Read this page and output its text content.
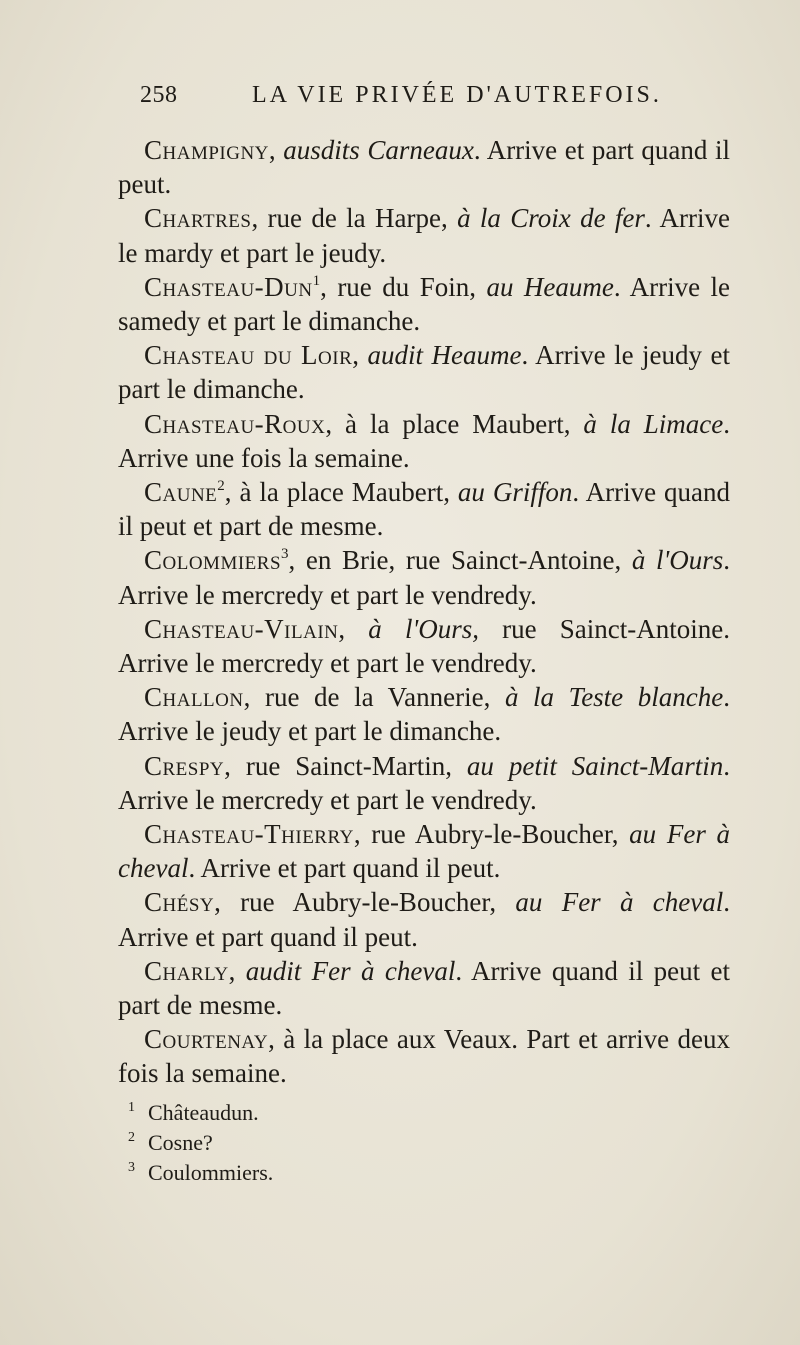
258	LA VIE PRIVÉE D'AUTREFOIS.

Champigny, ausdits Carneaux. Arrive et part quand il peut.

Chartres, rue de la Harpe, à la Croix de fer. Arrive le mardy et part le jeudy.

Chasteau-Dun$^1$, rue du Foin, au Heaume. Arrive le samedy et part le dimanche.

Chasteau du Loir, audit Heaume. Arrive le jeudy et part le dimanche.

Chasteau-Roux, à la place Maubert, à la Limace. Arrive une fois la semaine.

Caune$^2$, à la place Maubert, au Griffon. Arrive quand il peut et part de mesme.

Colommiers$^3$, en Brie, rue Sainct-Antoine, à l'Ours. Arrive le mercredy et part le vendredy.

Chasteau-Vilain, à l'Ours, rue Sainct-Antoine. Arrive le mercredy et part le vendredy.

Challon, rue de la Vannerie, à la Teste blanche. Arrive le jeudy et part le dimanche.

Crespy, rue Sainct-Martin, au petit Sainct-Martin. Arrive le mercredy et part le vendredy.

Chasteau-Thierry, rue Aubry-le-Boucher, au Fer à cheval. Arrive et part quand il peut.

Chésy, rue Aubry-le-Boucher, au Fer à cheval. Arrive et part quand il peut.

Charly, audit Fer à cheval. Arrive quand il peut et part de mesme.

Courtenay, à la place aux Veaux. Part et arrive deux fois la semaine.

1 Châteaudun.

2 Cosne?

3 Coulommiers.
